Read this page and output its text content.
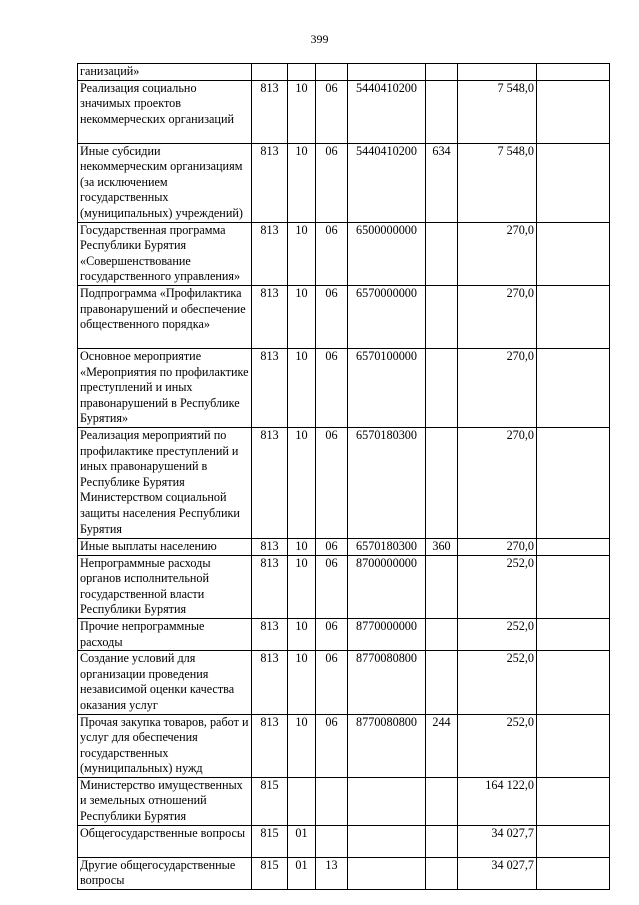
399
ганизаций»							
Реализация социально значимых проектов некоммерческих организаций	813	10	06	5440410200		7 548,0	
Иные субсидии некоммерческим организациям (за исключением государственных (муниципальных) учреждений)	813	10	06	5440410200	634	7 548,0	
Государственная программа Республики Бурятия «Совершенствование государственного управления»	813	10	06	6500000000		270,0	
Подпрограмма «Профилактика правонарушений и обеспечение общественного порядка»	813	10	06	6570000000		270,0	
Основное мероприятие «Мероприятия по профилактике преступлений и иных правонарушений в Республике Бурятия»	813	10	06	6570100000		270,0	
Реализация мероприятий по профилактике преступлений и иных правонарушений в Республике Бурятия Министерством социальной защиты населения Республики Бурятия	813	10	06	6570180300		270,0	
Иные выплаты населению	813	10	06	6570180300	360	270,0	
Непрограммные расходы органов исполнительной государственной власти Республики Бурятия	813	10	06	8700000000		252,0	
Прочие непрограммные расходы	813	10	06	8770000000		252,0	
Создание условий для организации проведения независимой оценки качества оказания услуг	813	10	06	8770080800		252,0	
Прочая закупка товаров, работ и услуг для обеспечения государственных (муниципальных) нужд	813	10	06	8770080800	244	252,0	
Министерство имущественных и земельных отношений Республики Бурятия	815					164 122,0	
Общегосударственные вопросы	815	01				34 027,7	
Другие общегосударственные вопросы	815	01	13			34 027,7	
